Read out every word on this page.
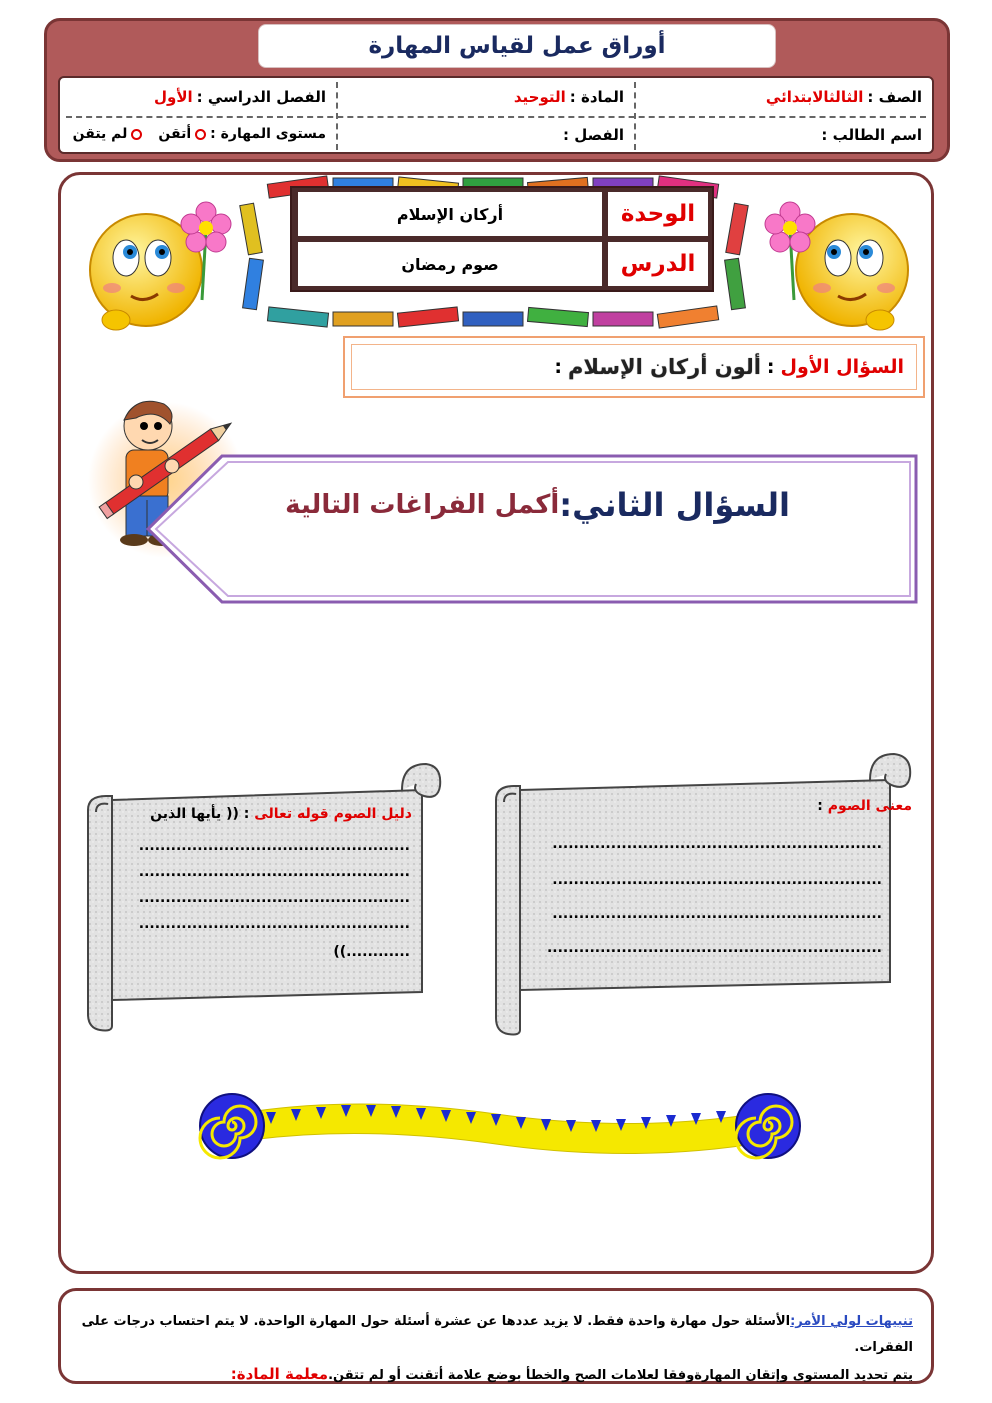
أوراق عمل لقياس المهارة
الصف :
الثالثالابتدائي
المادة :
التوحيد
الفصل الدراسي :
الأول
اسم الطالب :
الفصل :
مستوى المهارة :
أتقن
لم يتقن
الوحدة
أركان الإسلام
الدرس
صوم رمضان
السؤال الأول
:
ألون أركان الإسلام
:
السؤال الثاني:
أكمل الفراغات التالية
معنى الصوم :
..............................................................
..............................................................
..............................................................
...............................................................
دليل الصوم قوله تعالى : (( يأيها الذين
...................................................
...................................................
...................................................
...................................................
............))
تنبيهات لولي الأمر:الأسئلة حول مهارة واحدة فقط. لا يزيد عددها عن عشرة أسئلة حول المهارة الواحدة. لا يتم احتساب درجات على الفقرات.
يتم تحديد المستوى وإتقان المهارةوفقا لعلامات الصح والخطأ بوضع علامة أتقنت أو لم تتقن.معلمة المادة:
